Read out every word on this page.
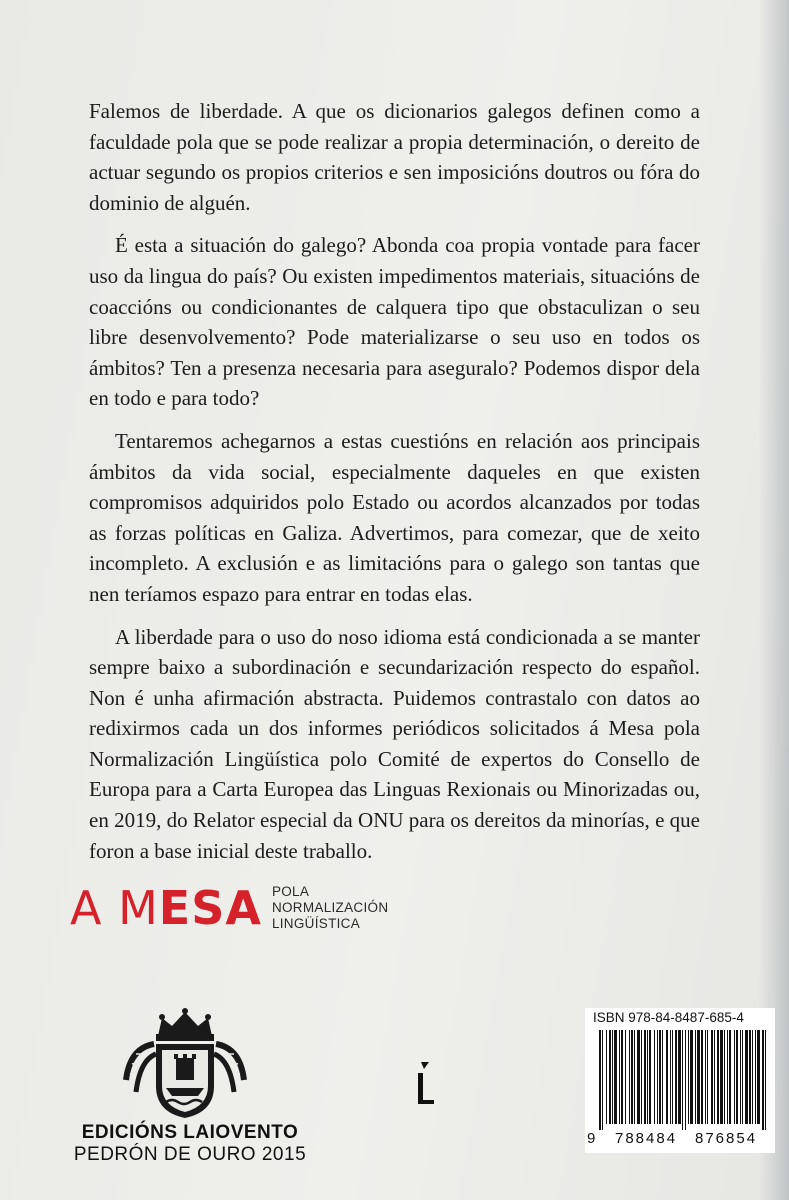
Falemos de liberdade. A que os dicionarios galegos definen como a faculdade pola que se pode realizar a propia determinación, o dereito de actuar segundo os propios criterios e sen imposicións doutros ou fóra do dominio de alguén.

É esta a situación do galego? Abonda coa propia vontade para facer uso da lingua do país? Ou existen impedimentos materiais, situacións de coaccións ou condicionantes de calquera tipo que obstaculizan o seu libre desenvolvemento? Pode materializarse o seu uso en todos os ámbitos? Ten a presenza necesaria para aseguralo? Podemos dispor dela en todo e para todo?

Tentaremos achegarnos a estas cuestións en relación aos principais ámbitos da vida social, especialmente daqueles en que existen compromisos adquiridos polo Estado ou acordos alcanzados por todas as forzas políticas en Galiza. Advertimos, para comezar, que de xeito incompleto. A exclusión e as limitacións para o galego son tantas que nen teríamos espazo para entrar en todas elas.

A liberdade para o uso do noso idioma está condicionada a se manter sempre baixo a subordinación e secundarización respecto do español. Non é unha afirmación abstracta. Puidemos contrastalo con datos ao redixirmos cada un dos informes periódicos solicitados á Mesa pola Normalización Lingüística polo Comité de expertos do Consello de Europa para a Carta Europea das Linguas Rexionais ou Minorizadas ou, en 2019, do Relator especial da ONU para os dereitos da minorías, e que foron a base inicial deste traballo.

A MESA POLA
NORMALIZACIÓN
LINGÜÍSTICA
EDICIÓNS LAIOVENTO
PEDRÓN DE OURO 2015
ISBN 978-84-8487-685-4
9 788484 876854
